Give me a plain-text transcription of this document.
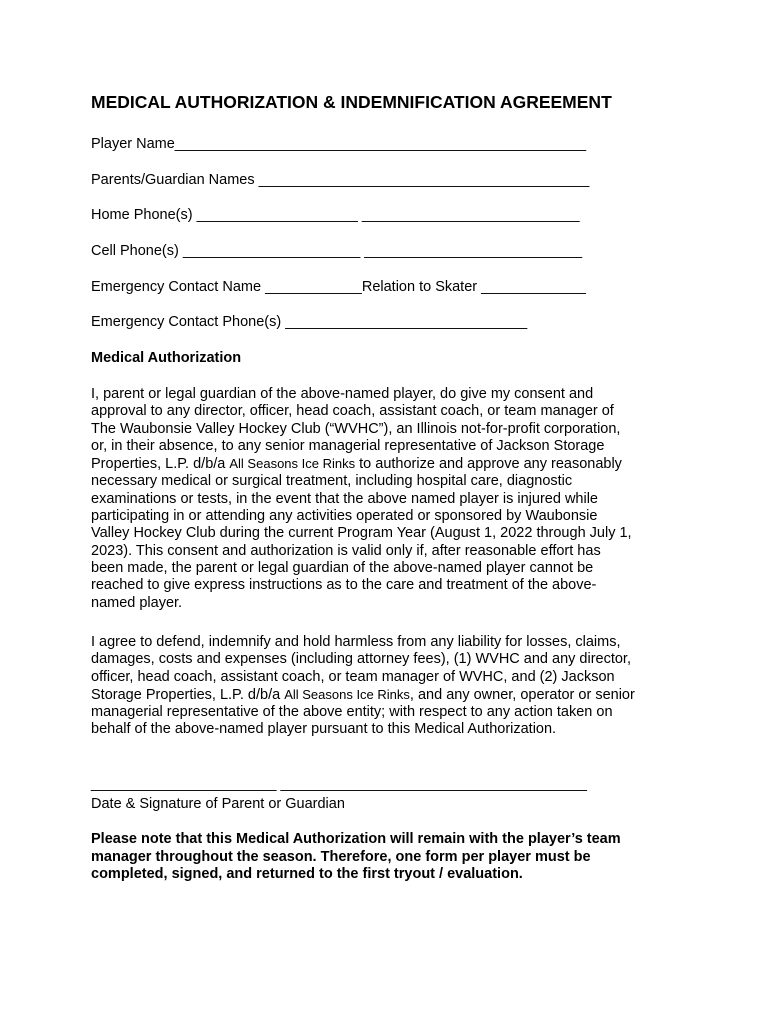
MEDICAL AUTHORIZATION & INDEMNIFICATION AGREEMENT
Player Name___________________________________________________
Parents/Guardian Names _________________________________________
Home Phone(s) ____________________ ___________________________
Cell Phone(s) ______________________ ___________________________
Emergency Contact Name ____________Relation to Skater _____________
Emergency Contact Phone(s) ______________________________
Medical Authorization
I, parent or legal guardian of the above-named player, do give my consent and approval to any director, officer, head coach, assistant coach, or team manager of The Waubonsie Valley Hockey Club (“WVHC”), an Illinois not-for-profit corporation, or, in their absence, to any senior managerial representative of Jackson Storage Properties, L.P. d/b/a All Seasons Ice Rinks to authorize and approve any reasonably necessary medical or surgical treatment, including hospital care, diagnostic examinations or tests, in the event that the above named player is injured while participating in or attending any activities operated or sponsored by Waubonsie Valley Hockey Club during the current Program Year (August 1, 2022 through July 1, 2023). This consent and authorization is valid only if, after reasonable effort has been made, the parent or legal guardian of the above-named player cannot be reached to give express instructions as to the care and treatment of the above-named player.
I agree to defend, indemnify and hold harmless from any liability for losses, claims, damages, costs and expenses (including attorney fees), (1) WVHC and any director, officer, head coach, assistant coach, or team manager of WVHC, and (2) Jackson Storage Properties, L.P. d/b/a All Seasons Ice Rinks, and any owner, operator or senior managerial representative of the above entity; with respect to any action taken on behalf of the above-named player pursuant to this Medical Authorization.
_______________________ ______________________________________
Date & Signature of Parent or Guardian
Please note that this Medical Authorization will remain with the player’s team manager throughout the season. Therefore, one form per player must be completed, signed, and returned to the first tryout / evaluation.
